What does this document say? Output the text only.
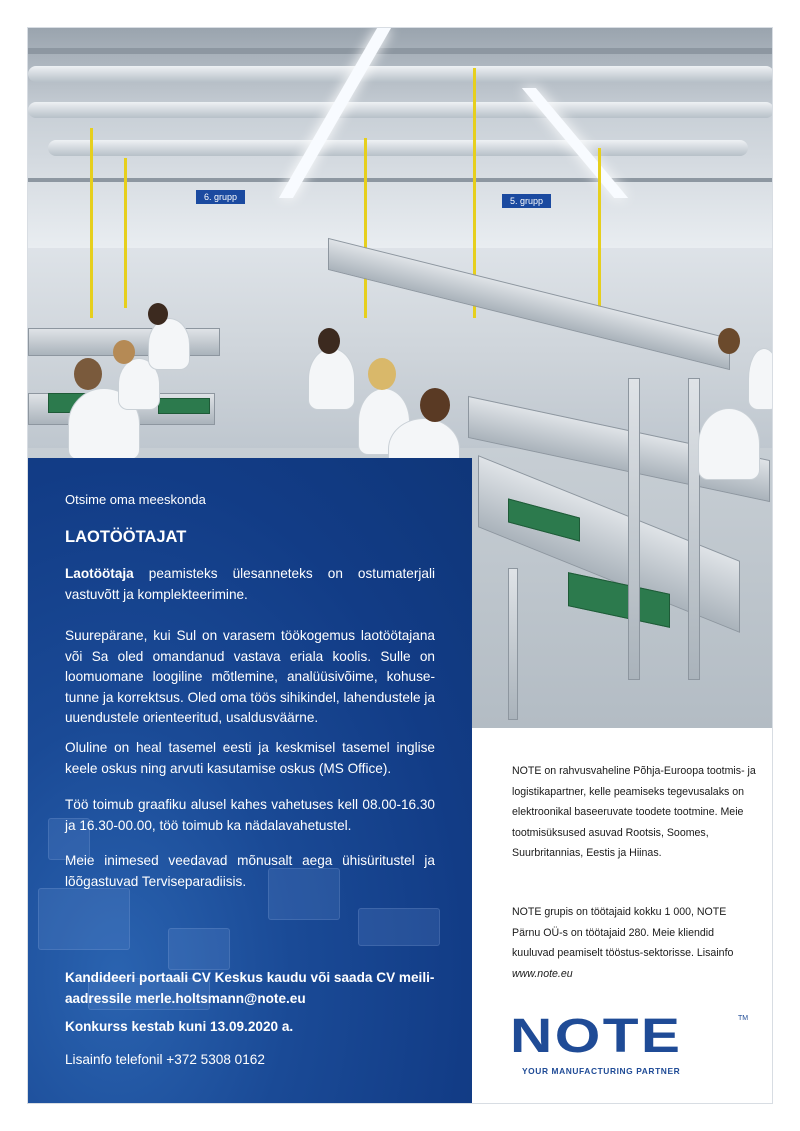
6. grupp	5. grupp
Otsime oma meeskonda
LAOTÖÖTAJAT
Laotöötaja peamisteks ülesanneteks on ostumaterjali vastuvõtt ja komplekteerimine.
Suurepärane, kui Sul on varasem töökogemus laotöötajana või Sa oled omandanud vastava eriala koolis. Sulle on loomuomane loogiline mõtlemine, analüüsivõime, kohuse-tunne ja korrektsus. Oled oma töös sihikindel, lahendustele ja uuendustele orienteeritud, usaldusväärne.
Oluline on heal tasemel eesti ja keskmisel tasemel inglise keele oskus ning arvuti kasutamise oskus (MS Office).
Töö toimub graafiku alusel kahes vahetuses kell 08.00-16.30 ja 16.30-00.00, töö toimub ka nädalavahetustel.
Meie inimesed veedavad mõnusalt aega ühisüritustel ja lõõgastuvad Terviseparadiisis.
Kandideeri portaali CV Keskus kaudu või saada CV meili-aadressile merle.holtsmann@note.eu
Konkurss kestab kuni 13.09.2020 a.
Lisainfo telefonil +372 5308 0162
NOTE on rahvusvaheline Põhja-Euroopa tootmis- ja logistikapartner, kelle peamiseks tegevusalaks on elektroonikal baseeruvate toodete tootmine. Meie tootmisüksused asuvad Rootsis, Soomes, Suurbritannias, Eestis ja Hiinas.
NOTE grupis on töötajaid kokku 1 000, NOTE Pärnu OÜ-s on töötajaid 280. Meie kliendid kuuluvad peamiselt tööstus-sektorisse. Lisainfo www.note.eu
NOTE	TM
YOUR MANUFACTURING PARTNER
